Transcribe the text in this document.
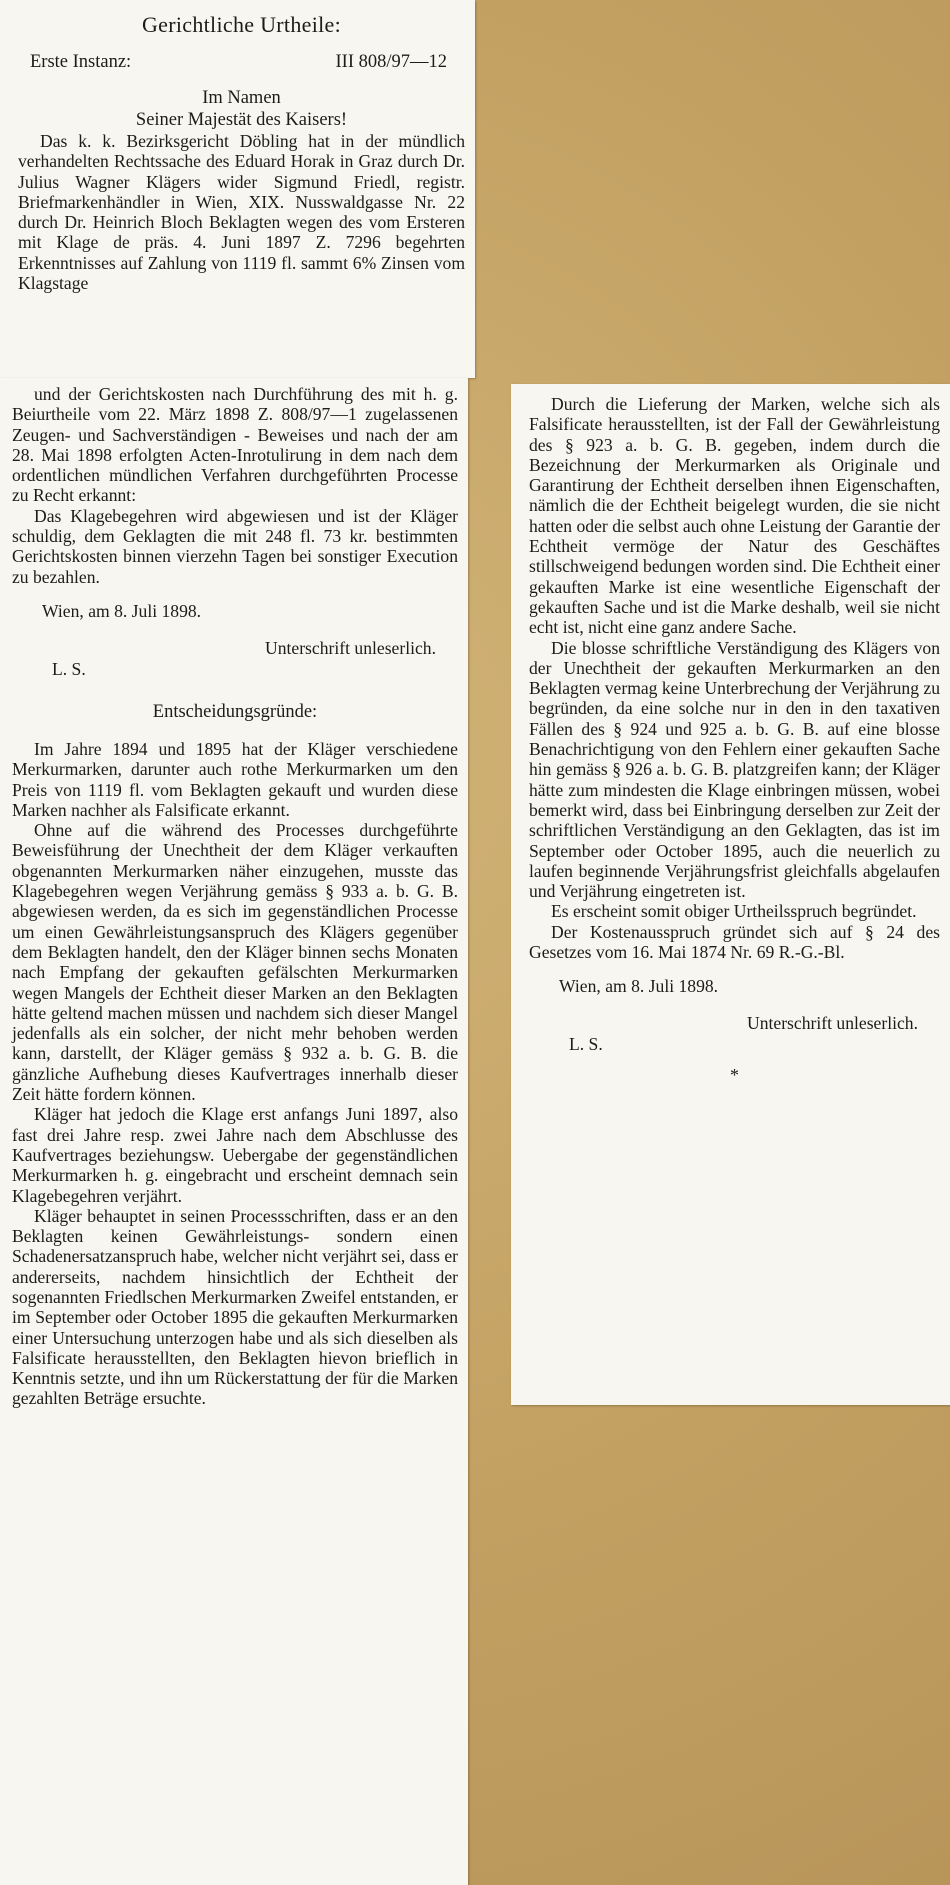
Gerichtliche Urtheile:
Erste Instanz:	III 808/97—12

Im Namen

Seiner Majestät des Kaisers!

Das k. k. Bezirksgericht Döbling hat in der mündlich verhandelten Rechtssache des Eduard Horak in Graz durch Dr. Julius Wagner Klägers wider Sigmund Friedl, registr. Briefmarkenhändler in Wien, XIX. Nusswaldgasse Nr. 22 durch Dr. Heinrich Bloch Beklagten wegen des vom Ersteren mit Klage de präs. 4. Juni 1897 Z. 7296 begehrten Erkenntnisses auf Zahlung von 1119 fl. sammt 6% Zinsen vom Klagstage

und der Gerichtskosten nach Durchführung des mit h. g. Beiurtheile vom 22. März 1898 Z. 808/97—1 zugelassenen Zeugen- und Sachverständigen - Beweises und nach der am 28. Mai 1898 erfolgten Acten-Inrotulirung in dem nach dem ordentlichen mündlichen Verfahren durchgeführten Processe zu Recht erkannt:

Das Klagebegehren wird abgewiesen und ist der Kläger schuldig, dem Geklagten die mit 248 fl. 73 kr. bestimmten Gerichtskosten binnen vierzehn Tagen bei sonstiger Execution zu bezahlen.

Wien, am 8. Juli 1898.
Unterschrift unleserlich.
L. S.
Entscheidungsgründe:

Im Jahre 1894 und 1895 hat der Kläger verschiedene Merkurmarken, darunter auch rothe Merkurmarken um den Preis von 1119 fl. vom Beklagten gekauft und wurden diese Marken nachher als Falsificate erkannt.

Ohne auf die während des Processes durchgeführte Beweisführung der Unechtheit der dem Kläger verkauften obgenannten Merkurmarken näher einzugehen, musste das Klagebegehren wegen Verjährung gemäss § 933 a. b. G. B. abgewiesen werden, da es sich im gegenständlichen Processe um einen Gewährleistungsanspruch des Klägers gegenüber dem Beklagten handelt, den der Kläger binnen sechs Monaten nach Empfang der gekauften gefälschten Merkurmarken wegen Mangels der Echtheit dieser Marken an den Beklagten hätte geltend machen müssen und nachdem sich dieser Mangel jedenfalls als ein solcher, der nicht mehr behoben werden kann, darstellt, der Kläger gemäss § 932 a. b. G. B. die gänzliche Aufhebung dieses Kaufvertrages innerhalb dieser Zeit hätte fordern können.

Kläger hat jedoch die Klage erst anfangs Juni 1897, also fast drei Jahre resp. zwei Jahre nach dem Abschlusse des Kaufvertrages beziehungsw. Uebergabe der gegenständlichen Merkurmarken h. g. eingebracht und erscheint demnach sein Klagebegehren verjährt.

Kläger behauptet in seinen Processschriften, dass er an den Beklagten keinen Gewährleistungs- sondern einen Schadenersatzanspruch habe, welcher nicht verjährt sei, dass er andererseits, nachdem hinsichtlich der Echtheit der sogenannten Friedlschen Merkurmarken Zweifel entstanden, er im September oder October 1895 die gekauften Merkurmarken einer Untersuchung unterzogen habe und als sich dieselben als Falsificate herausstellten, den Beklagten hievon brieflich in Kenntnis setzte, und ihn um Rückerstattung der für die Marken gezahlten Beträge ersuchte.

Durch die Lieferung der Marken, welche sich als Falsificate herausstellten, ist der Fall der Gewährleistung des § 923 a. b. G. B. gegeben, indem durch die Bezeichnung der Merkurmarken als Originale und Garantirung der Echtheit derselben ihnen Eigenschaften, nämlich die der Echtheit beigelegt wurden, die sie nicht hatten oder die selbst auch ohne Leistung der Garantie der Echtheit vermöge der Natur des Geschäftes stillschweigend bedungen worden sind. Die Echtheit einer gekauften Marke ist eine wesentliche Eigenschaft der gekauften Sache und ist die Marke deshalb, weil sie nicht echt ist, nicht eine ganz andere Sache.

Die blosse schriftliche Verständigung des Klägers von der Unechtheit der gekauften Merkurmarken an den Beklagten vermag keine Unterbrechung der Verjährung zu begründen, da eine solche nur in den in den taxativen Fällen des § 924 und 925 a. b. G. B. auf eine blosse Benachrichtigung von den Fehlern einer gekauften Sache hin gemäss § 926 a. b. G. B. platzgreifen kann; der Kläger hätte zum mindesten die Klage einbringen müssen, wobei bemerkt wird, dass bei Einbringung derselben zur Zeit der schriftlichen Verständigung an den Geklagten, das ist im September oder October 1895, auch die neuerlich zu laufen beginnende Verjährungsfrist gleichfalls abgelaufen und Verjährung eingetreten ist.

Es erscheint somit obiger Urtheilsspruch begründet.

Der Kostenausspruch gründet sich auf § 24 des Gesetzes vom 16. Mai 1874 Nr. 69 R.-G.-Bl.

Wien, am 8. Juli 1898.
Unterschrift unleserlich.
L. S.
*
